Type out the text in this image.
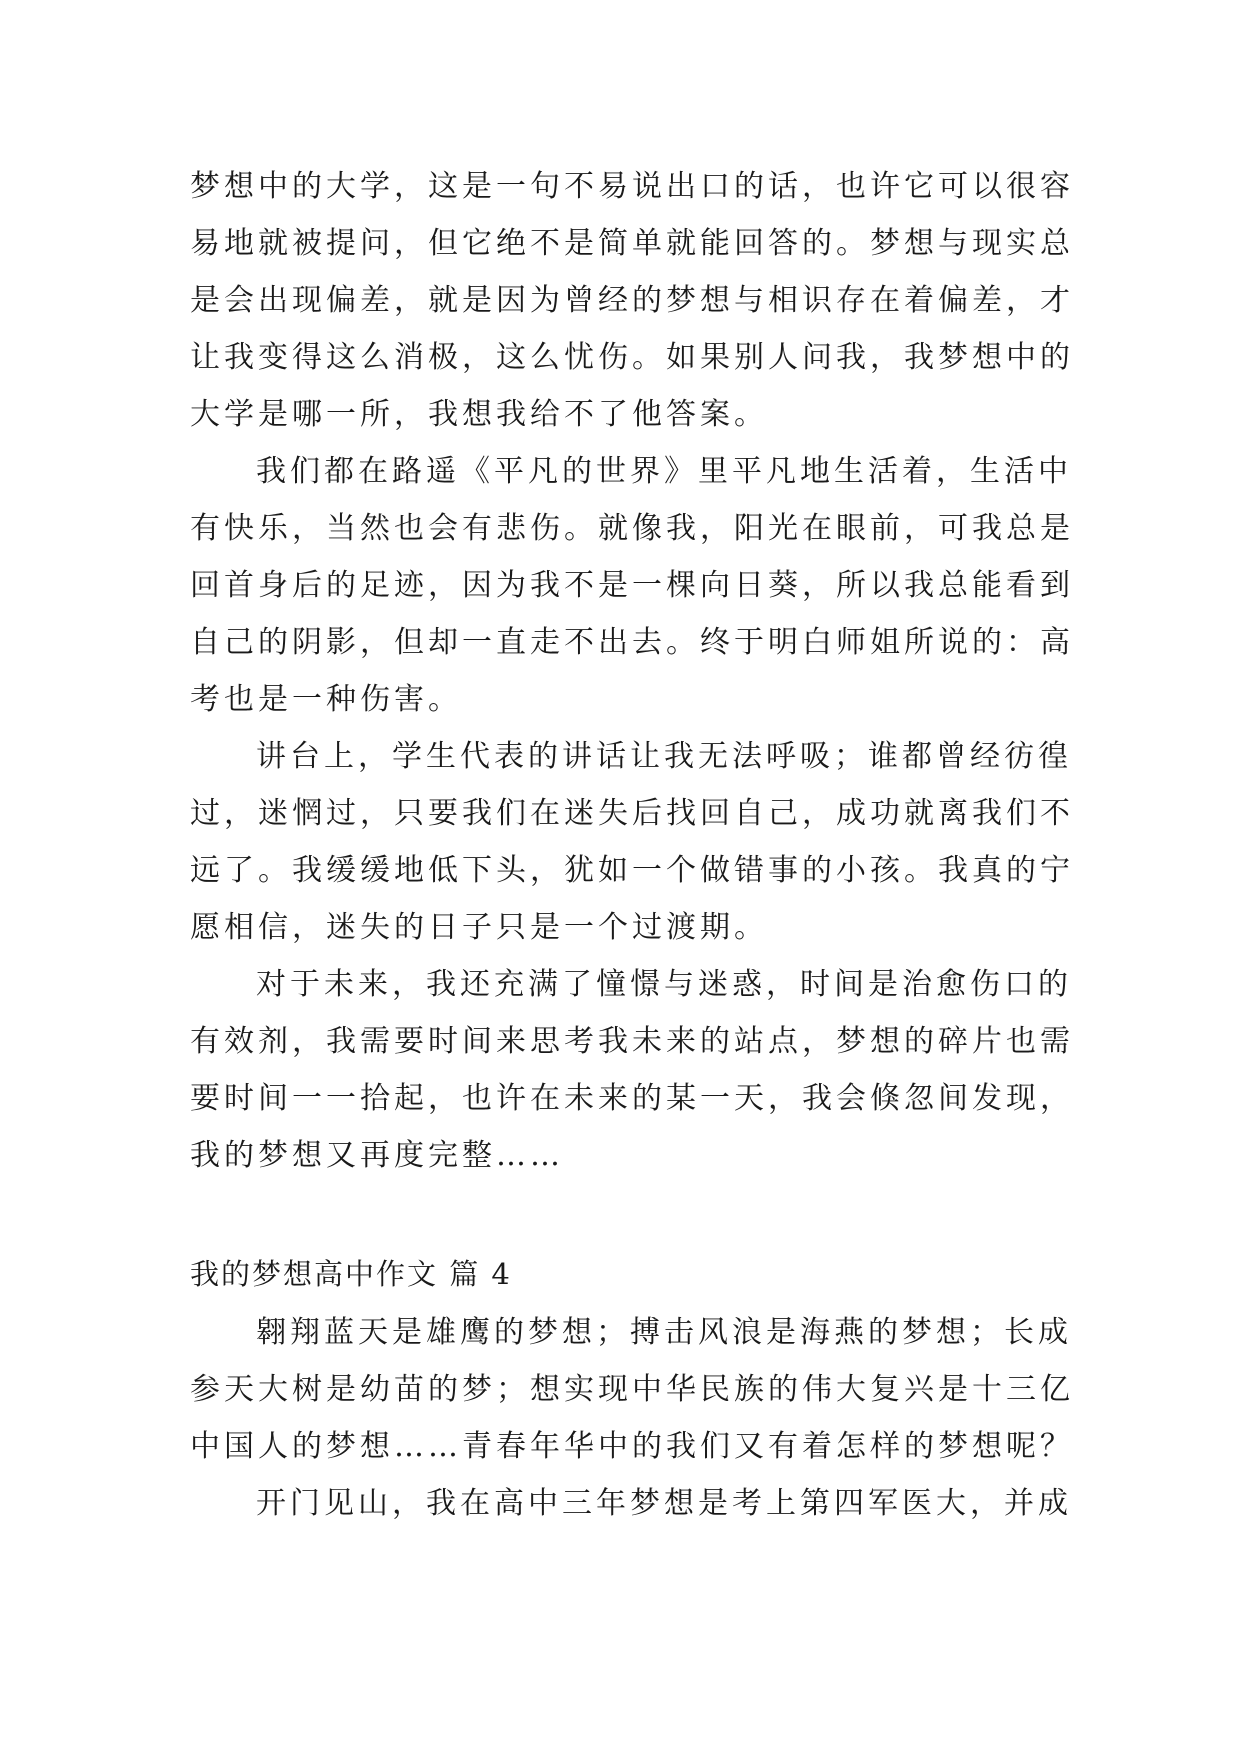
梦想中的大学，这是一句不易说出口的话，也许它可以很容
易地就被提问，但它绝不是简单就能回答的。梦想与现实总
是会出现偏差，就是因为曾经的梦想与相识存在着偏差，才
让我变得这么消极，这么忧伤。如果别人问我，我梦想中的
大学是哪一所，我想我给不了他答案。
我们都在路遥《平凡的世界》里平凡地生活着，生活中
有快乐，当然也会有悲伤。就像我，阳光在眼前，可我总是
回首身后的足迹，因为我不是一棵向日葵，所以我总能看到
自己的阴影，但却一直走不出去。终于明白师姐所说的：高
考也是一种伤害。
讲台上，学生代表的讲话让我无法呼吸；谁都曾经彷徨
过，迷惘过，只要我们在迷失后找回自己，成功就离我们不
远了。我缓缓地低下头，犹如一个做错事的小孩。我真的宁
愿相信，迷失的日子只是一个过渡期。
对于未来，我还充满了憧憬与迷惑，时间是治愈伤口的
有效剂，我需要时间来思考我未来的站点，梦想的碎片也需
要时间一一拾起，也许在未来的某一天，我会倏忽间发现，
我的梦想又再度完整……
我的梦想高中作文 篇 4
翱翔蓝天是雄鹰的梦想；搏击风浪是海燕的梦想；长成
参天大树是幼苗的梦；想实现中华民族的伟大复兴是十三亿
中国人的梦想……青春年华中的我们又有着怎样的梦想呢？
开门见山，我在高中三年梦想是考上第四军医大，并成
